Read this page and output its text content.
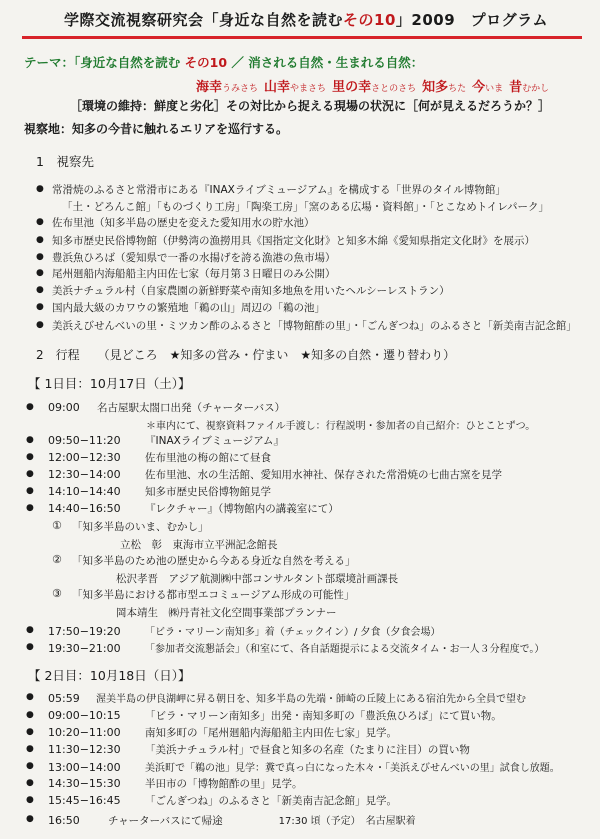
学際交流視察研究会「身近な自然を読むその10」2009　プログラム
テーマ：「身近な自然を読む その10 ／ 消される自然・生まれる自然：
海幸うみさち 山幸やまさち 里の幸さとのさち 知多ちた 今いま 昔むかし
［環境の維持：鮮度と劣化］その対比から捉える現場の状況に［何が見えるだろうか？］
視察地：知多の今昔に触れるエリアを巡行する。
1　視察先
● 常滑焼のふるさと常滑市にある『INAXライブミュージアム』を構成する「世界のタイル博物館」
「土・どろんこ館」「ものづくり工房」「陶楽工房」「窯のある広場・資料館」・「とこなめトイレパーク」
● 佐布里池（知多半島の歴史を変えた愛知用水の貯水池）
● 知多市歴史民俗博物館（伊勢湾の漁撈用具《国指定文化財》と知多木綿《愛知県指定文化財》を展示）
● 豊浜魚ひろば（愛知県で一番の水揚げを誇る漁港の魚市場）
● 尾州廻船内海船船主内田佐七家（毎月第３日曜日のみ公開）
● 美浜ナチュラル村（自家農園の新鮮野菜や南知多地魚を用いたヘルシーレストラン）
● 国内最大級のカワウの繁殖地「鵜の山」周辺の「鵜の池」
● 美浜えびせんべいの里・ミツカン酢のふるさと「博物館酢の里」・「ごんぎつね」のふるさと「新美南吉記念館」
2　行程　　（見どころ　★知多の営み・佇まい　★知多の自然・遷り替わり）
【 1日目：10月17日（土）】
● 09:00 名古屋駅太閤口出発（チャーターバス）
＊車内にて、視察資料ファイル手渡し：行程説明・参加者の自己紹介：ひとことずつ。
● 09:50−11:20 『INAXライブミュージアム』
● 12:00−12:30 佐布里池の梅の館にて昼食
● 12:30−14:00 佐布里池、水の生活館、愛知用水神社、保存された常滑焼の七曲古窯を見学
● 14:10−14:40 知多市歴史民俗博物館見学
● 14:40−16:50 『レクチャー』（博物館内の講義室にて）
① 「知多半島のいま、むかし」
立松　彰　東海市立平洲記念館長
② 「知多半島のため池の歴史から今ある身近な自然を考える」
松沢孝晋　アジア航測㈱中部コンサルタント部環境計画課長
③ 「知多半島における都市型エコミュージアム形成の可能性」
岡本靖生　㈱丹青社文化空間事業部プランナー
● 17:50−19:20 「ビラ・マリーン南知多」着（チェックイン）/ 夕食（夕食会場）
● 19:30−21:00 「参加者交流懇話会」（和室にて、各自話題提示による交流タイム・お一人３分程度で。）
【 2日目：10月18日（日）】
● 05:59 渥美半島の伊良湖岬に昇る朝日を、知多半島の先端・師崎の丘陵上にある宿泊先から全員で望む
● 09:00−10:15 「ビラ・マリーン南知多」出発・南知多町の「豊浜魚ひろば」にて買い物。
● 10:20−11:00 南知多町の「尾州廻船内海船船主内田佐七家」見学。
● 11:30−12:30 「美浜ナチュラル村」で昼食と知多の名産（たまりに注目）の買い物
● 13:00−14:00 美浜町で「鵜の池」見学：糞で真っ白になった木々・「美浜えびせんべいの里」試食し放題。
● 14:30−15:30 半田市の「博物館酢の里」見学。
● 15:45−16:45 「ごんぎつね」のふるさと「新美南吉記念館」見学。
● 16:50	チャーターバスにて帰途	17:30 頃（予定）　名古屋駅着
